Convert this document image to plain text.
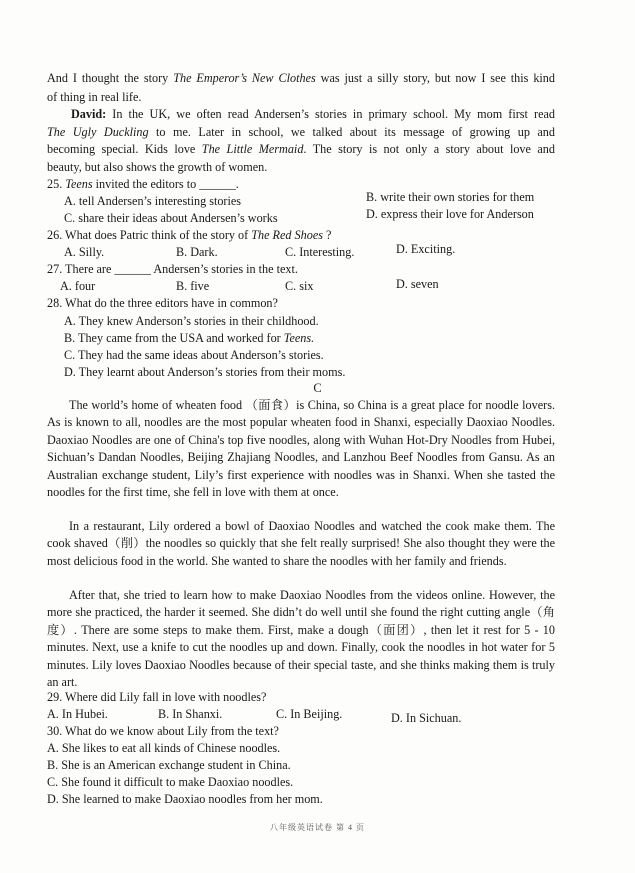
And I thought the story The Emperor’s New Clothes was just a silly story, but now I see this kind
of thing in real life.
David: In the UK, we often read Andersen’s stories in primary school. My mom first read
The Ugly Duckling to me. Later in school, we talked about its message of growing up and
becoming special. Kids love The Little Mermaid. The story is not only a story about love and
beauty, but also shows the growth of women.
25. Teens invited the editors to ______.
A. tell Andersen’s interesting stories	B. write their own stories for them
C. share their ideas about Andersen’s works	D. express their love for Anderson
26. What does Patric think of the story of The Red Shoes ?
A. Silly.	B. Dark.	C. Interesting.	D. Exciting.
27. There are ______ Andersen’s stories in the text.
A. four	B. five	C. six	D. seven
28. What do the three editors have in common?
A. They knew Anderson’s stories in their childhood.
B. They came from the USA and worked for Teens.
C. They had the same ideas about Anderson’s stories.
D. They learnt about Anderson’s stories from their moms.
C
The world’s home of wheaten food （面食）is China, so China is a great place for noodle lovers. As is known to all, noodles are the most popular wheaten food in Shanxi, especially Daoxiao Noodles. Daoxiao Noodles are one of China's top five noodles, along with Wuhan Hot-Dry Noodles from Hubei, Sichuan’s Dandan Noodles, Beijing Zhajiang Noodles, and Lanzhou Beef Noodles from Gansu. As an Australian exchange student, Lily’s first experience with noodles was in Shanxi. When she tasted the noodles for the first time, she fell in love with them at once.
In a restaurant, Lily ordered a bowl of Daoxiao Noodles and watched the cook make them. The cook shaved（削）the noodles so quickly that she felt really surprised! She also thought they were the most delicious food in the world. She wanted to share the noodles with her family and friends.
After that, she tried to learn how to make Daoxiao Noodles from the videos online. However, the more she practiced, the harder it seemed. She didn’t do well until she found the right cutting angle（角度）. There are some steps to make them. First, make a dough（面团）, then let it rest for 5 - 10 minutes. Next, use a knife to cut the noodles up and down. Finally, cook the noodles in hot water for 5 minutes. Lily loves Daoxiao Noodles because of their special taste, and she thinks making them is truly an art.
29. Where did Lily fall in love with noodles?
A. In Hubei.	B. In Shanxi.	C. In Beijing.	D. In Sichuan.
30. What do we know about Lily from the text?
A. She likes to eat all kinds of Chinese noodles.
B. She is an American exchange student in China.
C. She found it difficult to make Daoxiao noodles.
D. She learned to make Daoxiao noodles from her mom.
八年级英语试卷 第 4 页
